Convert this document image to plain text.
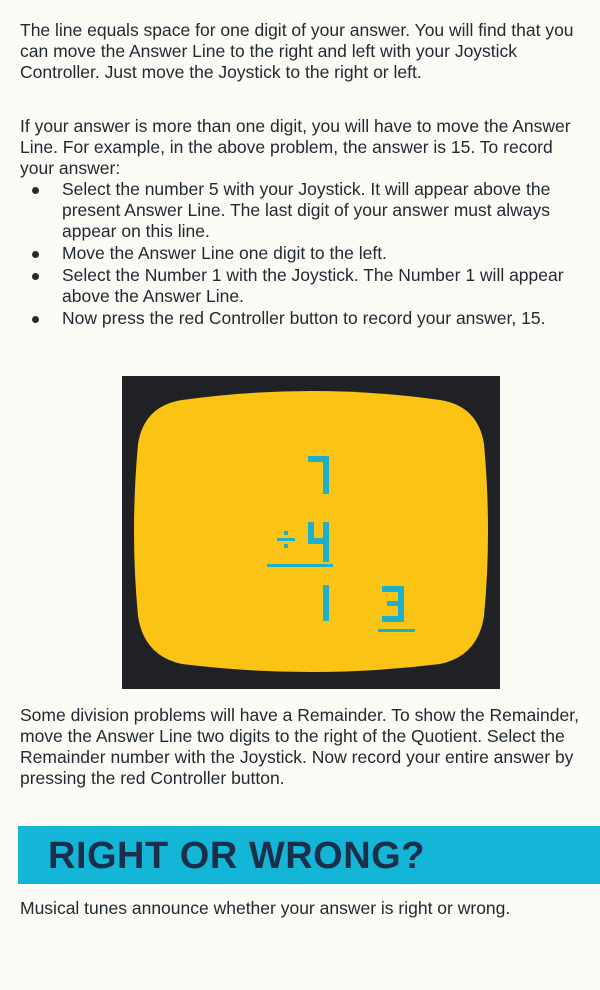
The line equals space for one digit of your answer. You will find that you can move the Answer Line to the right and left with your Joystick Controller. Just move the Joystick to the right or left.

If your answer is more than one digit, you will have to move the Answer Line. For example, in the above problem, the answer is 15. To record your answer:

Select the number 5 with your Joystick. It will appear above the present Answer Line. The last digit of your answer must always appear on this line.
Move the Answer Line one digit to the left.
Select the Number 1 with the Joystick. The Number 1 will appear above the Answer Line.
Now press the red Controller button to record your answer, 15.

Some division problems will have a Remainder. To show the Remainder, move the Answer Line two digits to the right of the Quotient. Select the Remainder number with the Joystick. Now record your entire answer by pressing the red Controller button.

RIGHT OR WRONG?

Musical tunes announce whether your answer is right or wrong.
